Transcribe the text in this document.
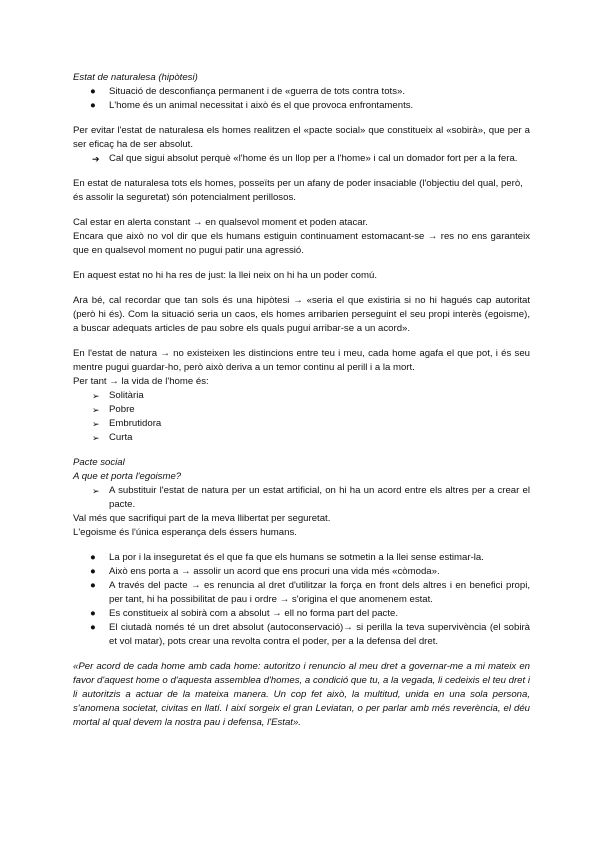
Estat de naturalesa (hipòtesi)

● Situació de desconfiança permanent i de «guerra de tots contra tots».
● L'home és un animal necessitat i això és el que provoca enfrontaments.

Per evitar l'estat de naturalesa els homes realitzen el «pacte social» que constitueix al «sobirà», que per a ser eficaç ha de ser absolut.

➔ Cal que sigui absolut perquè «l'home és un llop per a l'home» i cal un domador fort per a la fera.

En estat de naturalesa tots els homes, posseïts per un afany de poder insaciable (l'objectiu del qual, però, és assolir la seguretat) són potencialment perillosos.

Cal estar en alerta constant → en qualsevol moment et poden atacar.

Encara que això no vol dir que els humans estiguin continuament estomacant-se → res no ens garanteix que en qualsevol moment no pugui patir una agressió.

En aquest estat no hi ha res de just: la llei neix on hi ha un poder comú.

Ara bé, cal recordar que tan sols és una hipòtesi → «seria el que existiria si no hi hagués cap autoritat (però hi és). Com la situació seria un caos, els homes arribarien perseguint el seu propi interès (egoisme), a buscar adequats articles de pau sobre els quals pugui arribar-se a un acord».

En l'estat de natura → no existeixen les distincions entre teu i meu, cada home agafa el que pot, i és seu mentre pugui guardar-ho, però això deriva a un temor continu al perill i a la mort.

Per tant → la vida de l'home és:

➢ Solitària
➢ Pobre
➢ Embrutidora
➢ Curta

Pacte social

A que et porta l'egoisme?

➢ A substituir l'estat de natura per un estat artificial, on hi ha un acord entre els altres per a crear el pacte.

Val més que sacrifiqui part de la meva llibertat per seguretat.

L'egoisme és l'única esperança dels éssers humans.

● La por i la inseguretat és el que fa que els humans se sotmetin a la llei sense estimar-la.
● Això ens porta a → assolir un acord que ens procuri una vida més «còmoda».
● A través del pacte → es renuncia al dret d'utilitzar la força en front dels altres i en benefici propi, per tant, hi ha possibilitat de pau i ordre → s'origina el que anomenem estat.
● Es constitueix al sobirà com a absolut → ell no forma part del pacte.
● El ciutadà només té un dret absolut (autoconservació)→ si perilla la teva supervivència (el sobirà et vol matar), pots crear una revolta contra el poder, per a la defensa del dret.

«Per acord de cada home amb cada home: autoritzo i renuncio al meu dret a governar-me a mi mateix en favor d'aquest home o d'aquesta assemblea d'homes, a condició que tu, a la vegada, li cedeixis el teu dret i li autoritzis a actuar de la mateixa manera. Un cop fet això, la multitud, unida en una sola persona, s'anomena societat, civitas en llatí. I així sorgeix el gran Leviatan, o per parlar amb més reverència, el déu mortal al qual devem la nostra pau i defensa, l'Estat».
